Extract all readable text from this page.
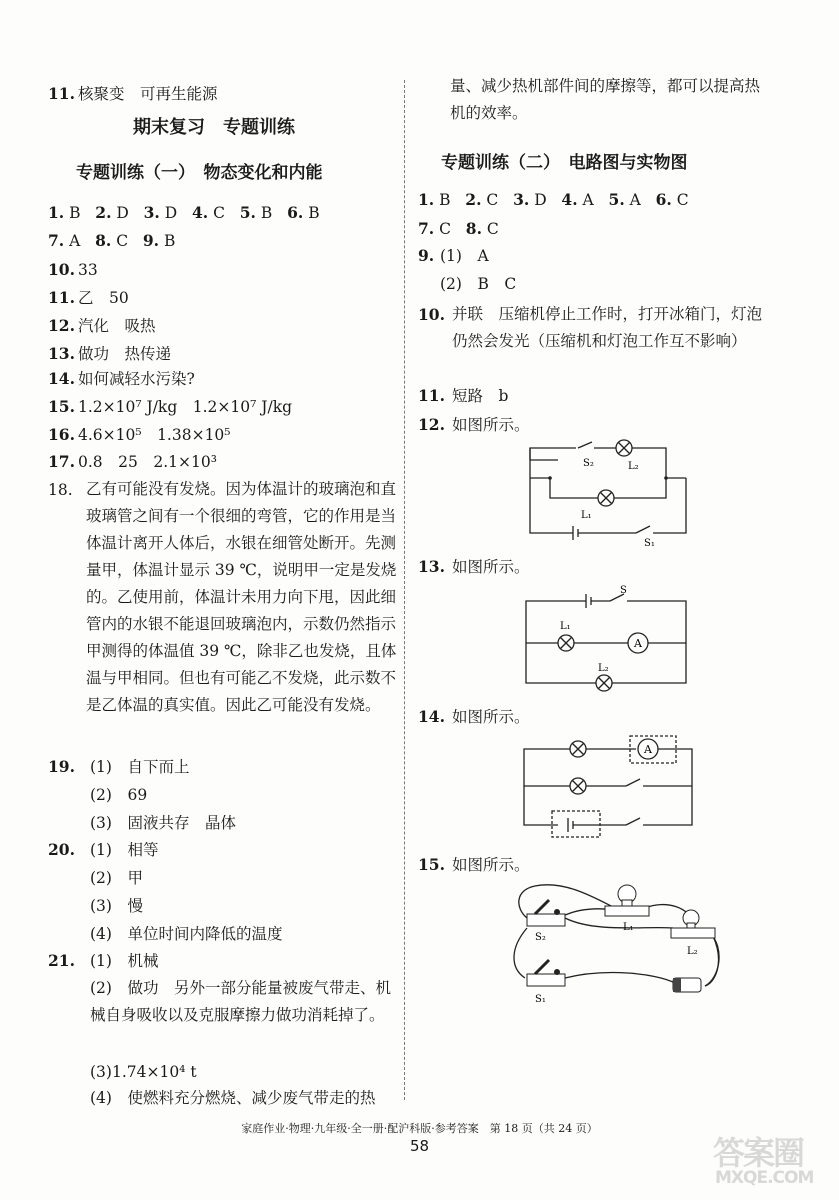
11. 核聚变　可再生能源
期末复习　专题训练
专题训练（一）　物态变化和内能
1. B 2. D 3. D 4. C 5. B 6. B
7. A 8. C 9. B
10. 33
11. 乙　50
12. 汽化　吸热
13. 做功　热传递
14. 如何减轻水污染?
15. 1.2×10⁷ J/kg　1.2×10⁷ J/kg
16. 4.6×10⁵　1.38×10⁵
17. 0.8　25　2.1×10³
18. 乙有可能没有发烧。因为体温计的玻璃泡和直玻璃管之间有一个很细的弯管，它的作用是当体温计离开人体后，水银在细管处断开。先测量甲，体温计显示 39 ℃，说明甲一定是发烧的。乙使用前，体温计未用力向下甩，因此细管内的水银不能退回玻璃泡内，示数仍然指示甲测得的体温值 39 ℃，除非乙也发烧，且体温与甲相同。但也有可能乙不发烧，此示数不是乙体温的真实值。因此乙可能没有发烧。
19. (1)　自下而上
(2)　69
(3)　固液共存　晶体
20. (1)　相等
(2)　甲
(3)　慢
(4)　单位时间内降低的温度
21. (1)　机械
(2)　做功　另外一部分能量被废气带走、机械自身吸收以及克服摩擦力做功消耗掉了。
(3)1.74×10⁴ t
(4)　使燃料充分燃烧、减少废气带走的热
量、减少热机部件间的摩擦等，都可以提高热机的效率。
专题训练（二）　电路图与实物图
1. B 2. C 3. D 4. A 5. A 6. C
7. C 8. C
9. (1)　A
(2)　B　C
10. 并联　压缩机停止工作时，打开冰箱门，灯泡仍然会发光（压缩机和灯泡工作互不影响）
11. 短路　b
12. 如图所示。
S₂	L₂
L₁
S₁
13. 如图所示。
A
S
L₁
L₂
14. 如图所示。
A
15. 如图所示。
S₂
L₁
L₂
S₁
家庭作业·物理·九年级·全一册·配沪科版·参考答案　第 18 页（共 24 页）
58	答案圈
MXQE.COM
